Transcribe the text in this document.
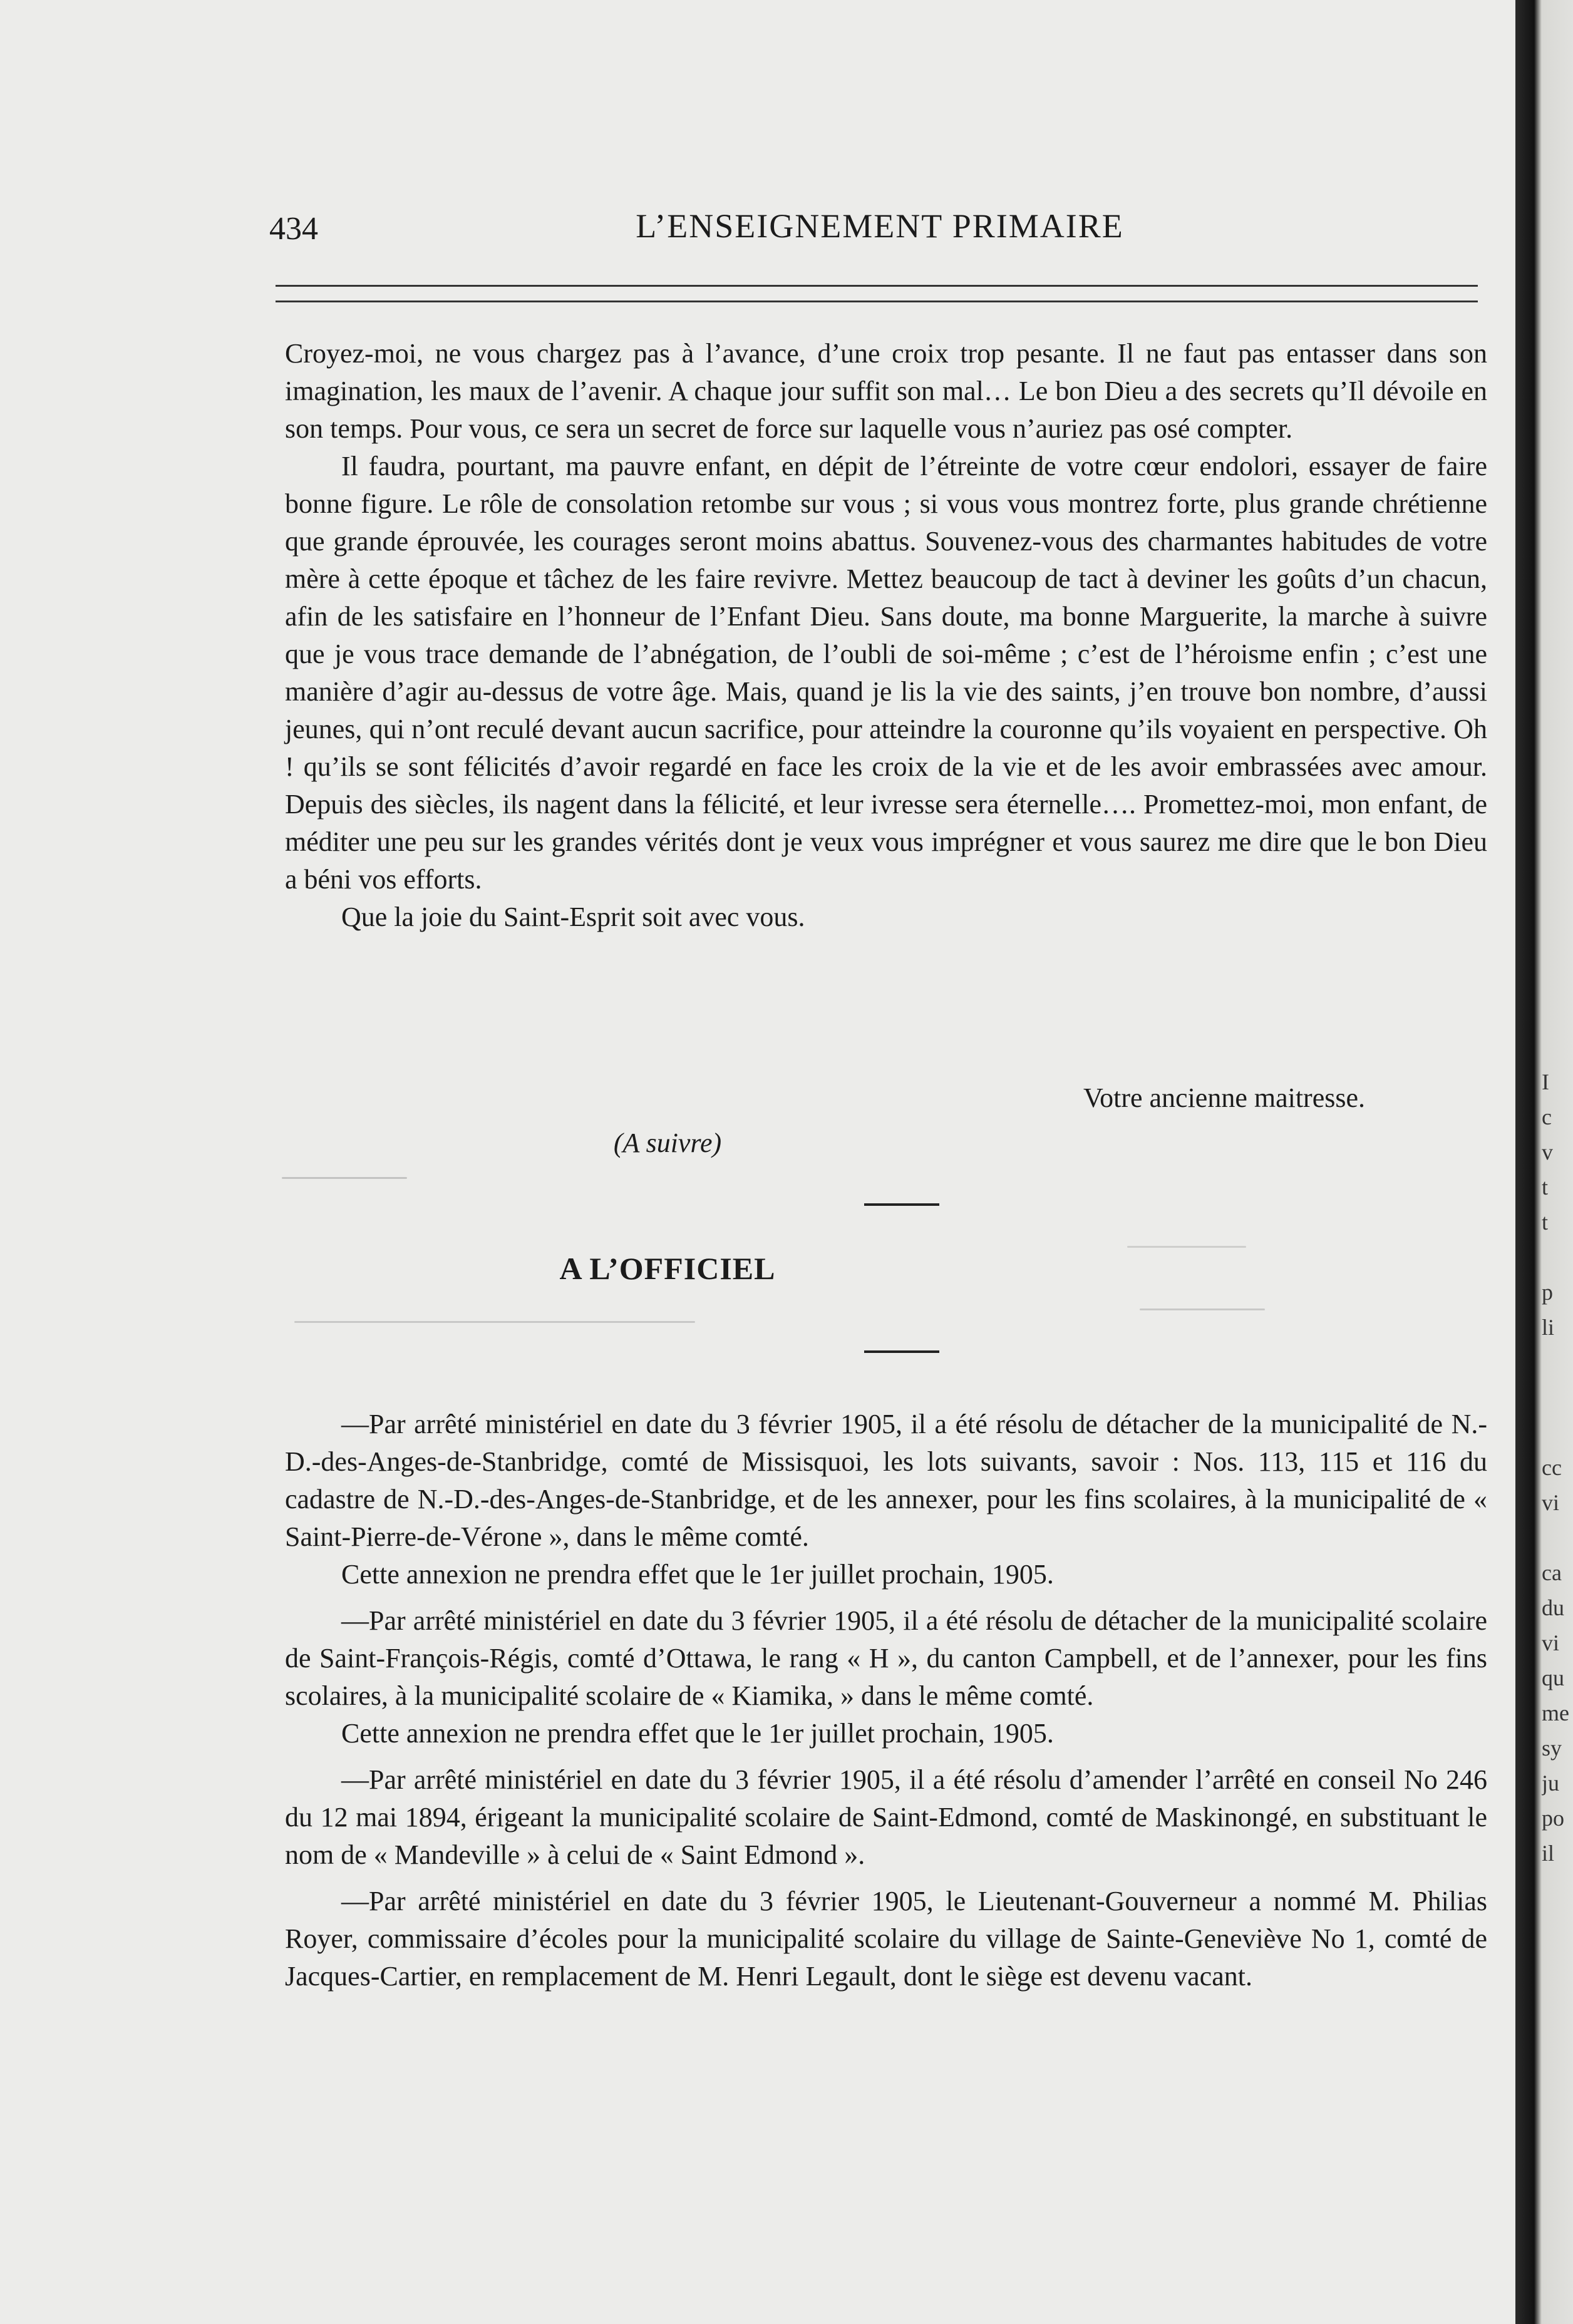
434	L’ENSEIGNEMENT PRIMAIRE

Croyez-moi, ne vous chargez pas à l’avance, d’une croix trop pesante. Il ne faut pas entasser dans son imagination, les maux de l’avenir. A chaque jour suffit son mal… Le bon Dieu a des secrets qu’Il dévoile en son temps. Pour vous, ce sera un secret de force sur laquelle vous n’auriez pas osé compter.

Il faudra, pourtant, ma pauvre enfant, en dépit de l’étreinte de votre cœur endolori, essayer de faire bonne figure. Le rôle de consolation retombe sur vous ; si vous vous montrez forte, plus grande chrétienne que grande éprouvée, les courages seront moins abattus. Souvenez-vous des charmantes habitudes de votre mère à cette époque et tâchez de les faire revivre. Mettez beaucoup de tact à deviner les goûts d’un chacun, afin de les satisfaire en l’honneur de l’Enfant Dieu. Sans doute, ma bonne Marguerite, la marche à suivre que je vous trace demande de l’abnégation, de l’oubli de soi-même ; c’est de l’héroisme enfin ; c’est une manière d’agir au-dessus de votre âge. Mais, quand je lis la vie des saints, j’en trouve bon nombre, d’aussi jeunes, qui n’ont reculé devant aucun sacrifice, pour atteindre la couronne qu’ils voyaient en perspective. Oh ! qu’ils se sont félicités d’avoir regardé en face les croix de la vie et de les avoir embrassées avec amour. Depuis des siècles, ils nagent dans la félicité, et leur ivresse sera éternelle…. Promettez-moi, mon enfant, de méditer une peu sur les grandes vérités dont je veux vous imprégner et vous saurez me dire que le bon Dieu a béni vos efforts.

Que la joie du Saint-Esprit soit avec vous.

Votre ancienne maitresse.
(A suivre)
A L’OFFICIEL

—Par arrêté ministériel en date du 3 février 1905, il a été résolu de détacher de la municipalité de N.-D.-des-Anges-de-Stanbridge, comté de Missisquoi, les lots suivants, savoir : Nos. 113, 115 et 116 du cadastre de N.-D.-des-Anges-de-Stanbridge, et de les annexer, pour les fins scolaires, à la municipalité de « Saint-Pierre-de-Vérone », dans le même comté.

Cette annexion ne prendra effet que le 1er juillet prochain, 1905.

—Par arrêté ministériel en date du 3 février 1905, il a été résolu de détacher de la municipalité scolaire de Saint-François-Régis, comté d’Ottawa, le rang « H », du canton Campbell, et de l’annexer, pour les fins scolaires, à la municipalité scolaire de « Kiamika, » dans le même comté.

Cette annexion ne prendra effet que le 1er juillet prochain, 1905.

—Par arrêté ministériel en date du 3 février 1905, il a été résolu d’amender l’arrêté en conseil No 246 du 12 mai 1894, érigeant la municipalité scolaire de Saint-Edmond, comté de Maskinongé, en substituant le nom de « Mandeville » à celui de « Saint Edmond ».

—Par arrêté ministériel en date du 3 février 1905, le Lieutenant-Gouverneur a nommé M. Philias Royer, commissaire d’écoles pour la municipalité scolaire du village de Sainte-Geneviève No 1, comté de Jacques-Cartier, en remplacement de M. Henri Legault, dont le siège est devenu vacant.

I
c
v
t
t

p
li

cc
vi

ca
du
vi
qu
me
sy
ju
po
il
